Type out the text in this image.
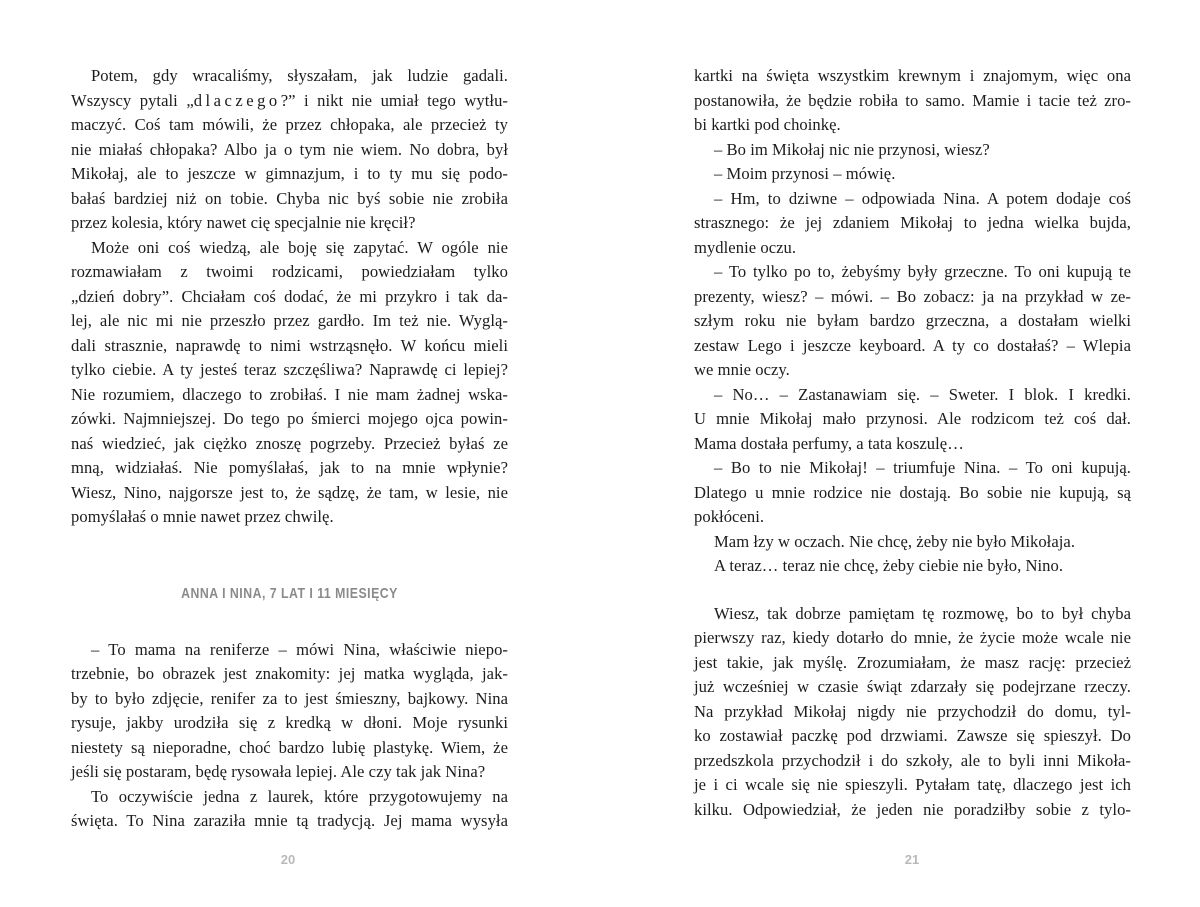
Potem, gdy wracaliśmy, słyszałam, jak ludzie gadali.
Wszyscy pytali „dlaczego?” i nikt nie umiał tego wytłu-
maczyć. Coś tam mówili, że przez chłopaka, ale przecież ty
nie miałaś chłopaka? Albo ja o tym nie wiem. No dobra, był
Mikołaj, ale to jeszcze w gimnazjum, i to ty mu się podo-
bałaś bardziej niż on tobie. Chyba nic byś sobie nie zrobiła
przez kolesia, który nawet cię specjalnie nie kręcił?
Może oni coś wiedzą, ale boję się zapytać. W ogóle nie
rozmawiałam z twoimi rodzicami, powiedziałam tylko
„dzień dobry”. Chciałam coś dodać, że mi przykro i tak da-
lej, ale nic mi nie przeszło przez gardło. Im też nie. Wyglą-
dali strasznie, naprawdę to nimi wstrząsnęło. W końcu mieli
tylko ciebie. A ty jesteś teraz szczęśliwa? Naprawdę ci lepiej?
Nie rozumiem, dlaczego to zrobiłaś. I nie mam żadnej wska-
zówki. Najmniejszej. Do tego po śmierci mojego ojca powin-
naś wiedzieć, jak ciężko znoszę pogrzeby. Przecież byłaś ze
mną, widziałaś. Nie pomyślałaś, jak to na mnie wpłynie?
Wiesz, Nino, najgorsze jest to, że sądzę, że tam, w lesie, nie
pomyślałaś o mnie nawet przez chwilę.
ANNA I NINA, 7 LAT I 11 MIESIĘCY
– To mama na reniferze – mówi Nina, właściwie niepo-
trzebnie, bo obrazek jest znakomity: jej matka wygląda, jak-
by to było zdjęcie, renifer za to jest śmieszny, bajkowy. Nina
rysuje, jakby urodziła się z kredką w dłoni. Moje rysunki
niestety są nieporadne, choć bardzo lubię plastykę. Wiem, że
jeśli się postaram, będę rysowała lepiej. Ale czy tak jak Nina?
To oczywiście jedna z laurek, które przygotowujemy na
święta. To Nina zaraziła mnie tą tradycją. Jej mama wysyła
20
kartki na święta wszystkim krewnym i znajomym, więc ona
postanowiła, że będzie robiła to samo. Mamie i tacie też zro-
bi kartki pod choinkę.
– Bo im Mikołaj nic nie przynosi, wiesz?
– Moim przynosi – mówię.
– Hm, to dziwne – odpowiada Nina. A potem dodaje coś
strasznego: że jej zdaniem Mikołaj to jedna wielka bujda,
mydlenie oczu.
– To tylko po to, żebyśmy były grzeczne. To oni kupują te
prezenty, wiesz? – mówi. – Bo zobacz: ja na przykład w ze-
szłym roku nie byłam bardzo grzeczna, a dostałam wielki
zestaw Lego i jeszcze keyboard. A ty co dostałaś? – Wlepia
we mnie oczy.
– No… – Zastanawiam się. – Sweter. I blok. I kredki.
U mnie Mikołaj mało przynosi. Ale rodzicom też coś dał.
Mama dostała perfumy, a tata koszulę…
– Bo to nie Mikołaj! – triumfuje Nina. – To oni kupują.
Dlatego u mnie rodzice nie dostają. Bo sobie nie kupują, są
pokłóceni.
Mam łzy w oczach. Nie chcę, żeby nie było Mikołaja.
A teraz… teraz nie chcę, żeby ciebie nie było, Nino.
Wiesz, tak dobrze pamiętam tę rozmowę, bo to był chyba
pierwszy raz, kiedy dotarło do mnie, że życie może wcale nie
jest takie, jak myślę. Zrozumiałam, że masz rację: przecież
już wcześniej w czasie świąt zdarzały się podejrzane rzeczy.
Na przykład Mikołaj nigdy nie przychodził do domu, tyl-
ko zostawiał paczkę pod drzwiami. Zawsze się spieszył. Do
przedszkola przychodził i do szkoły, ale to byli inni Mikoła-
je i ci wcale się nie spieszyli. Pytałam tatę, dlaczego jest ich
kilku. Odpowiedział, że jeden nie poradziłby sobie z tylo-
21
